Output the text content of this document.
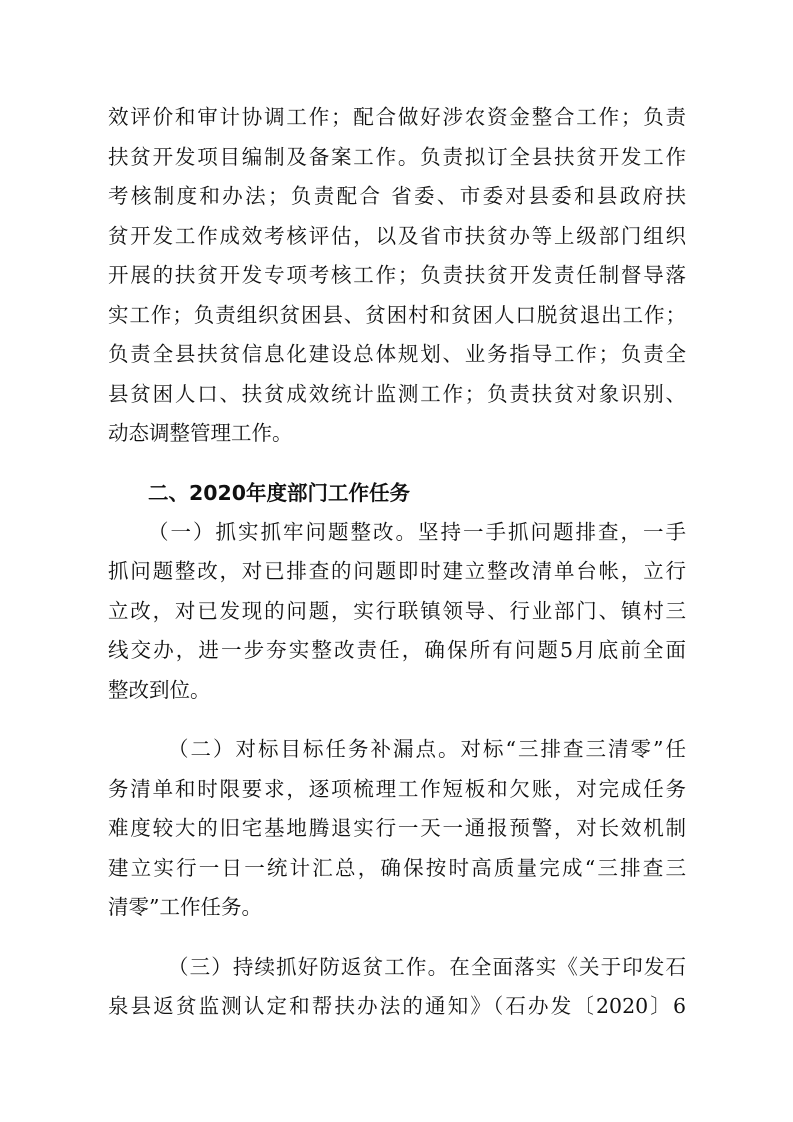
效评价和审计协调工作；配合做好涉农资金整合工作；负责
扶贫开发项目编制及备案工作。负责拟订全县扶贫开发工作
考核制度和办法；负责配合 省委、市委对县委和县政府扶
贫开发工作成效考核评估，以及省市扶贫办等上级部门组织
开展的扶贫开发专项考核工作；负责扶贫开发责任制督导落
实工作；负责组织贫困县、贫困村和贫困人口脱贫退出工作；
负责全县扶贫信息化建设总体规划、业务指导工作；负责全
县贫困人口、扶贫成效统计监测工作；负责扶贫对象识别、
动态调整管理工作。
二、2020年度部门工作任务
（一）抓实抓牢问题整改。坚持一手抓问题排查，一手
抓问题整改，对已排查的问题即时建立整改清单台帐，立行
立改，对已发现的问题，实行联镇领导、行业部门、镇村三
线交办，进一步夯实整改责任，确保所有问题5月底前全面
整改到位。
（二）对标目标任务补漏点。对标“三排查三清零”任
务清单和时限要求，逐项梳理工作短板和欠账，对完成任务
难度较大的旧宅基地腾退实行一天一通报预警，对长效机制
建立实行一日一统计汇总，确保按时高质量完成“三排查三
清零”工作任务。
（三）持续抓好防返贫工作。在全面落实《关于印发石
泉县返贫监测认定和帮扶办法的通知》（石办发〔2020〕6
